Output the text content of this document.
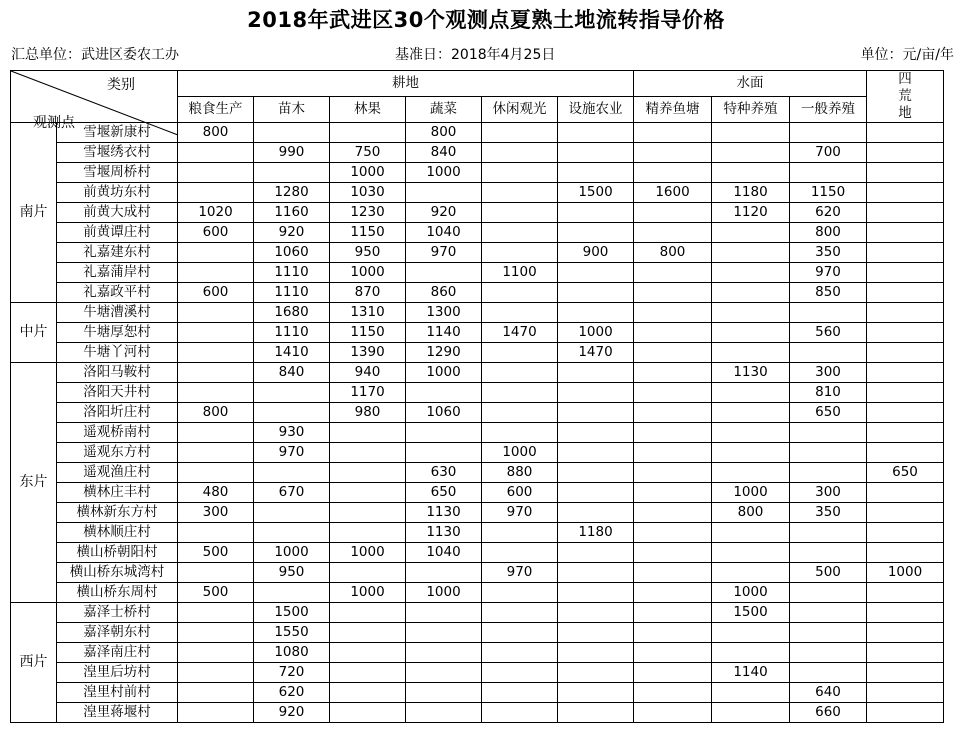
2018年武进区30个观测点夏熟土地流转指导价格
汇总单位：武进区委农工办	基准日：2018年4月25日	单位：元/亩/年
类别
观测点		耕地						水面			四荒地
		粮食生产	苗木	林果	蔬菜	休闲观光	设施农业	精养鱼塘	特种养殖	一般养殖	
南片	雪堰新康村	800			800						
	雪堰绣衣村		990	750	840					700	
	雪堰周桥村			1000	1000						
	前黄坊东村		1280	1030			1500	1600	1180	1150	
	前黄大成村	1020	1160	1230	920				1120	620	
	前黄谭庄村	600	920	1150	1040					800	
	礼嘉建东村		1060	950	970		900	800		350	
	礼嘉蒲岸村		1110	1000		1100				970	
	礼嘉政平村	600	1110	870	860					850	
中片	牛塘漕溪村		1680	1310	1300						
	牛塘厚恕村		1110	1150	1140	1470	1000			560	
	牛塘丫河村		1410	1390	1290		1470				
东片	洛阳马鞍村		840	940	1000				1130	300	
	洛阳天井村			1170						810	
	洛阳圻庄村	800		980	1060					650	
	遥观桥南村		930								
	遥观东方村		970			1000					
	遥观渔庄村				630	880					650
	横林庄丰村	480	670		650	600			1000	300	
	横林新东方村	300			1130	970			800	350	
	横林顺庄村				1130		1180				
	横山桥朝阳村	500	1000	1000	1040						
	横山桥东城湾村		950			970				500	1000
	横山桥东周村	500		1000	1000				1000		
西片	嘉泽士桥村		1500						1500		
	嘉泽朝东村		1550								
	嘉泽南庄村		1080								
	湟里后坊村		720						1140		
	湟里村前村		620							640	
	湟里蒋堰村		920							660	
